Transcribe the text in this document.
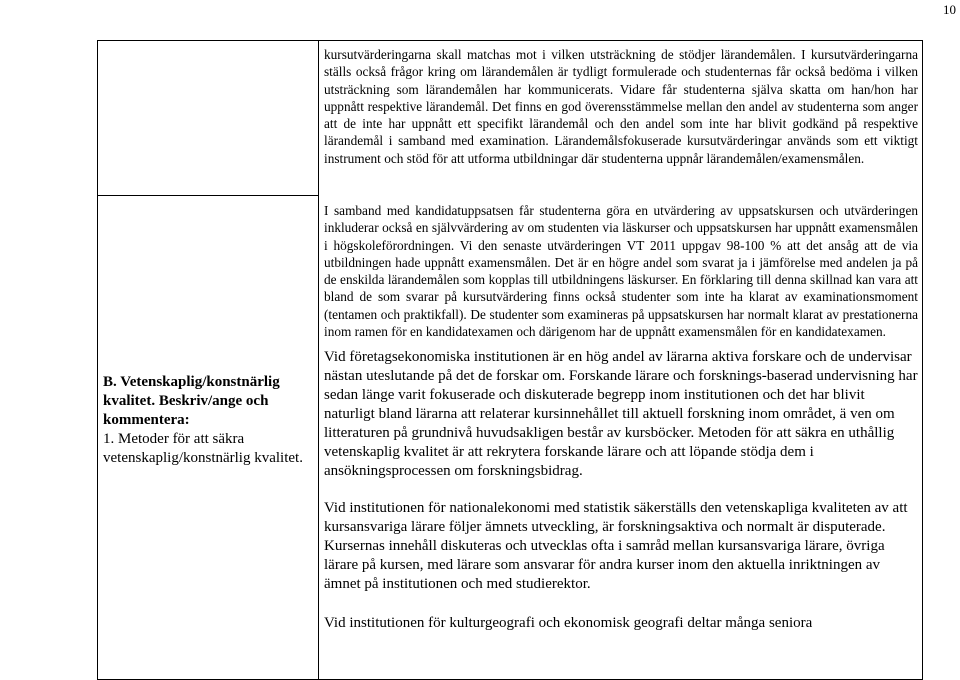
10

kursutvärderingarna skall matchas mot i vilken utsträckning de stödjer lärandemålen. I kursutvärderingarna ställs också frågor kring om lärandemålen är tydligt formulerade och studenternas får också bedöma i vilken utsträckning som lärandemålen har kommunicerats. Vidare får studenterna själva skatta om han/hon har uppnått respektive lärandemål. Det finns en god överensstämmelse mellan den andel av studenterna som anger att de inte har uppnått ett specifikt lärandemål och den andel som inte har blivit godkänd på respektive lärandemål i samband med examination. Lärandemålsfokuserade kursutvärderingar används som ett viktigt instrument och stöd för att utforma utbildningar där studenterna uppnår lärandemålen/examensmålen.

I samband med kandidatuppsatsen får studenterna göra en utvärdering av uppsatskursen och utvärderingen inkluderar också en självvärdering av om studenten via läskurser och uppsatskursen har uppnått examensmålen i högskoleförordningen. Vi den senaste utvärderingen VT 2011 uppgav 98-100 % att det ansåg att de via utbildningen hade uppnått examensmålen. Det är en högre andel som svarat ja i jämförelse med andelen ja på de enskilda lärandemålen som kopplas till utbildningens läskurser. En förklaring till denna skillnad kan vara att bland de som svarar på kursutvärdering finns också studenter som inte ha klarat av examinationsmoment (tentamen och praktikfall). De studenter som examineras på uppsatskursen har normalt klarat av prestationerna inom ramen för en kandidatexamen och därigenom har de uppnått examensmålen för en kandidatexamen.

Vid företagsekonomiska institutionen är en hög andel av lärarna aktiva forskare och de undervisar nästan uteslutande på det de forskar om. Forskande lärare och forsknings-baserad undervisning har sedan länge varit fokuserade och diskuterade begrepp inom institutionen och det har blivit naturligt bland lärarna att relaterar kursinnehållet till aktuell forskning inom området, ä ven om litteraturen på grundnivå huvudsakligen består av kursböcker. Metoden för att säkra en uthållig vetenskaplig kvalitet är att rekrytera forskande lärare och att löpande stödja dem i ansökningsprocessen om forskningsbidrag.

Vid institutionen för nationalekonomi med statistik säkerställs den vetenskapliga kvaliteten av att kursansvariga lärare följer ämnets utveckling, är forskningsaktiva och normalt är disputerade. Kursernas innehåll diskuteras och utvecklas ofta i samråd mellan kursansvariga lärare, övriga lärare på kursen, med lärare som ansvarar för andra kurser inom den aktuella inriktningen av ämnet på institutionen och med studierektor.

Vid institutionen för kulturgeografi och ekonomisk geografi deltar många seniora

B. Vetenskaplig/konstnärlig kvalitet. Beskriv/ange och kommentera:

1. Metoder för att säkra vetenskaplig/konstnärlig kvalitet.
